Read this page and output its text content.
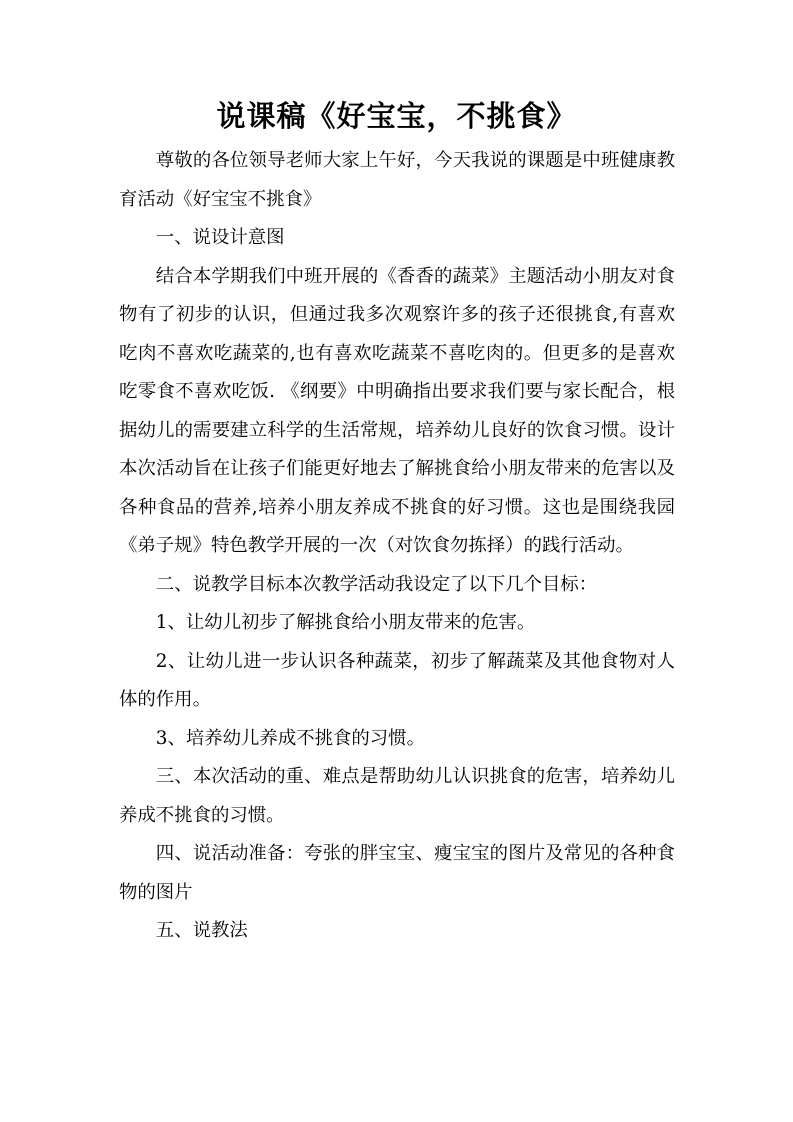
说课稿《好宝宝，不挑食》

尊敬的各位领导老师大家上午好，今天我说的课题是中班健康教育活动《好宝宝不挑食》

一、说设计意图

结合本学期我们中班开展的《香香的蔬菜》主题活动小朋友对食物有了初步的认识，但通过我多次观察许多的孩子还很挑食,有喜欢吃肉不喜欢吃蔬菜的,也有喜欢吃蔬菜不喜吃肉的。但更多的是喜欢吃零食不喜欢吃饭. 《纲要》中明确指出要求我们要与家长配合，根据幼儿的需要建立科学的生活常规，培养幼儿良好的饮食习惯。设计本次活动旨在让孩子们能更好地去了解挑食给小朋友带来的危害以及各种食品的营养,培养小朋友养成不挑食的好习惯。这也是围绕我园《弟子规》特色教学开展的一次（对饮食勿拣择）的践行活动。

二、说教学目标本次教学活动我设定了以下几个目标：

1、让幼儿初步了解挑食给小朋友带来的危害。

2、让幼儿进一步认识各种蔬菜，初步了解蔬菜及其他食物对人体的作用。

3、培养幼儿养成不挑食的习惯。

三、本次活动的重、难点是帮助幼儿认识挑食的危害，培养幼儿养成不挑食的习惯。

四、说活动准备：夸张的胖宝宝、瘦宝宝的图片及常见的各种食物的图片

五、说教法
